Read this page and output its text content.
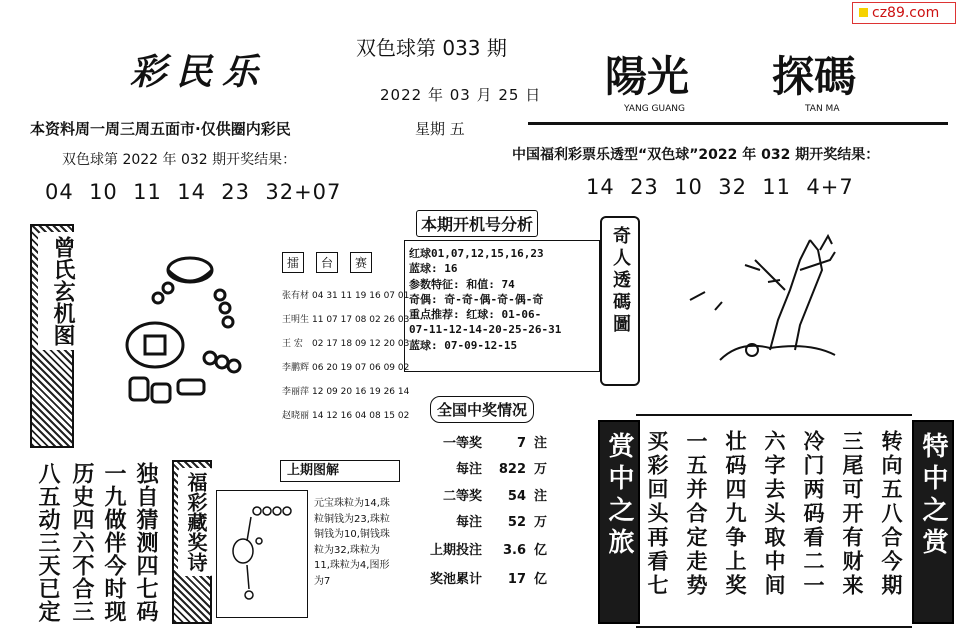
cz89.com
彩民乐
双色球第 033 期
2022 年 03 月 25 日 陽光 探碼
YANG GUANG	TAN MA
本资料周一周三周五面市·仅供圈内彩民	星期 五
双色球第 2022 年 032 期开奖结果：	中国福利彩票乐透型“双色球”2022 年 032 期开奖结果：
04  10  11  14  23  32+07	14  23  10  32  11  4+7
曾氏玄机图	擂 台 赛
张有材 04 31 11 19 16 07 01
王明生 11 07 17 08 02 26 03
王 宏 02 17 18 09 12 20 03
李鹏辉 06 20 19 07 06 09 02
李丽萍 12 09 20 16 19 26 14
赵晓丽 14 12 16 04 08 15 02
本期开机号分析
红球01,07,12,15,16,23
蓝球: 16
参数特征: 和值: 74
奇偶: 奇-奇-偶-奇-偶-奇
重点推荐: 红球: 01-06-
07-11-12-14-20-25-26-31
蓝球: 07-09-12-15
全国中奖情况
一等奖	7 注
每注 822 万
二等奖 54 注
每注 52 万
上期投注 3.6 亿
奖池累计 17 亿
奇人透碼圖
八五动三天已定 历史四六不合三 一九做伴今时现 独自猜测四七码	福彩藏奖诗
上期图解
元宝珠粒为14,珠粒铜钱为23,珠粒铜钱为10,铜钱珠粒为32,珠粒为11,珠粒为4,图形为7
赏中之旅	特中之赏
转向五八合今期
三尾可开有财来
冷门两码看二一
六字去头取中间
壮码四九争上奖
一五并合定走势
买彩回头再看七
